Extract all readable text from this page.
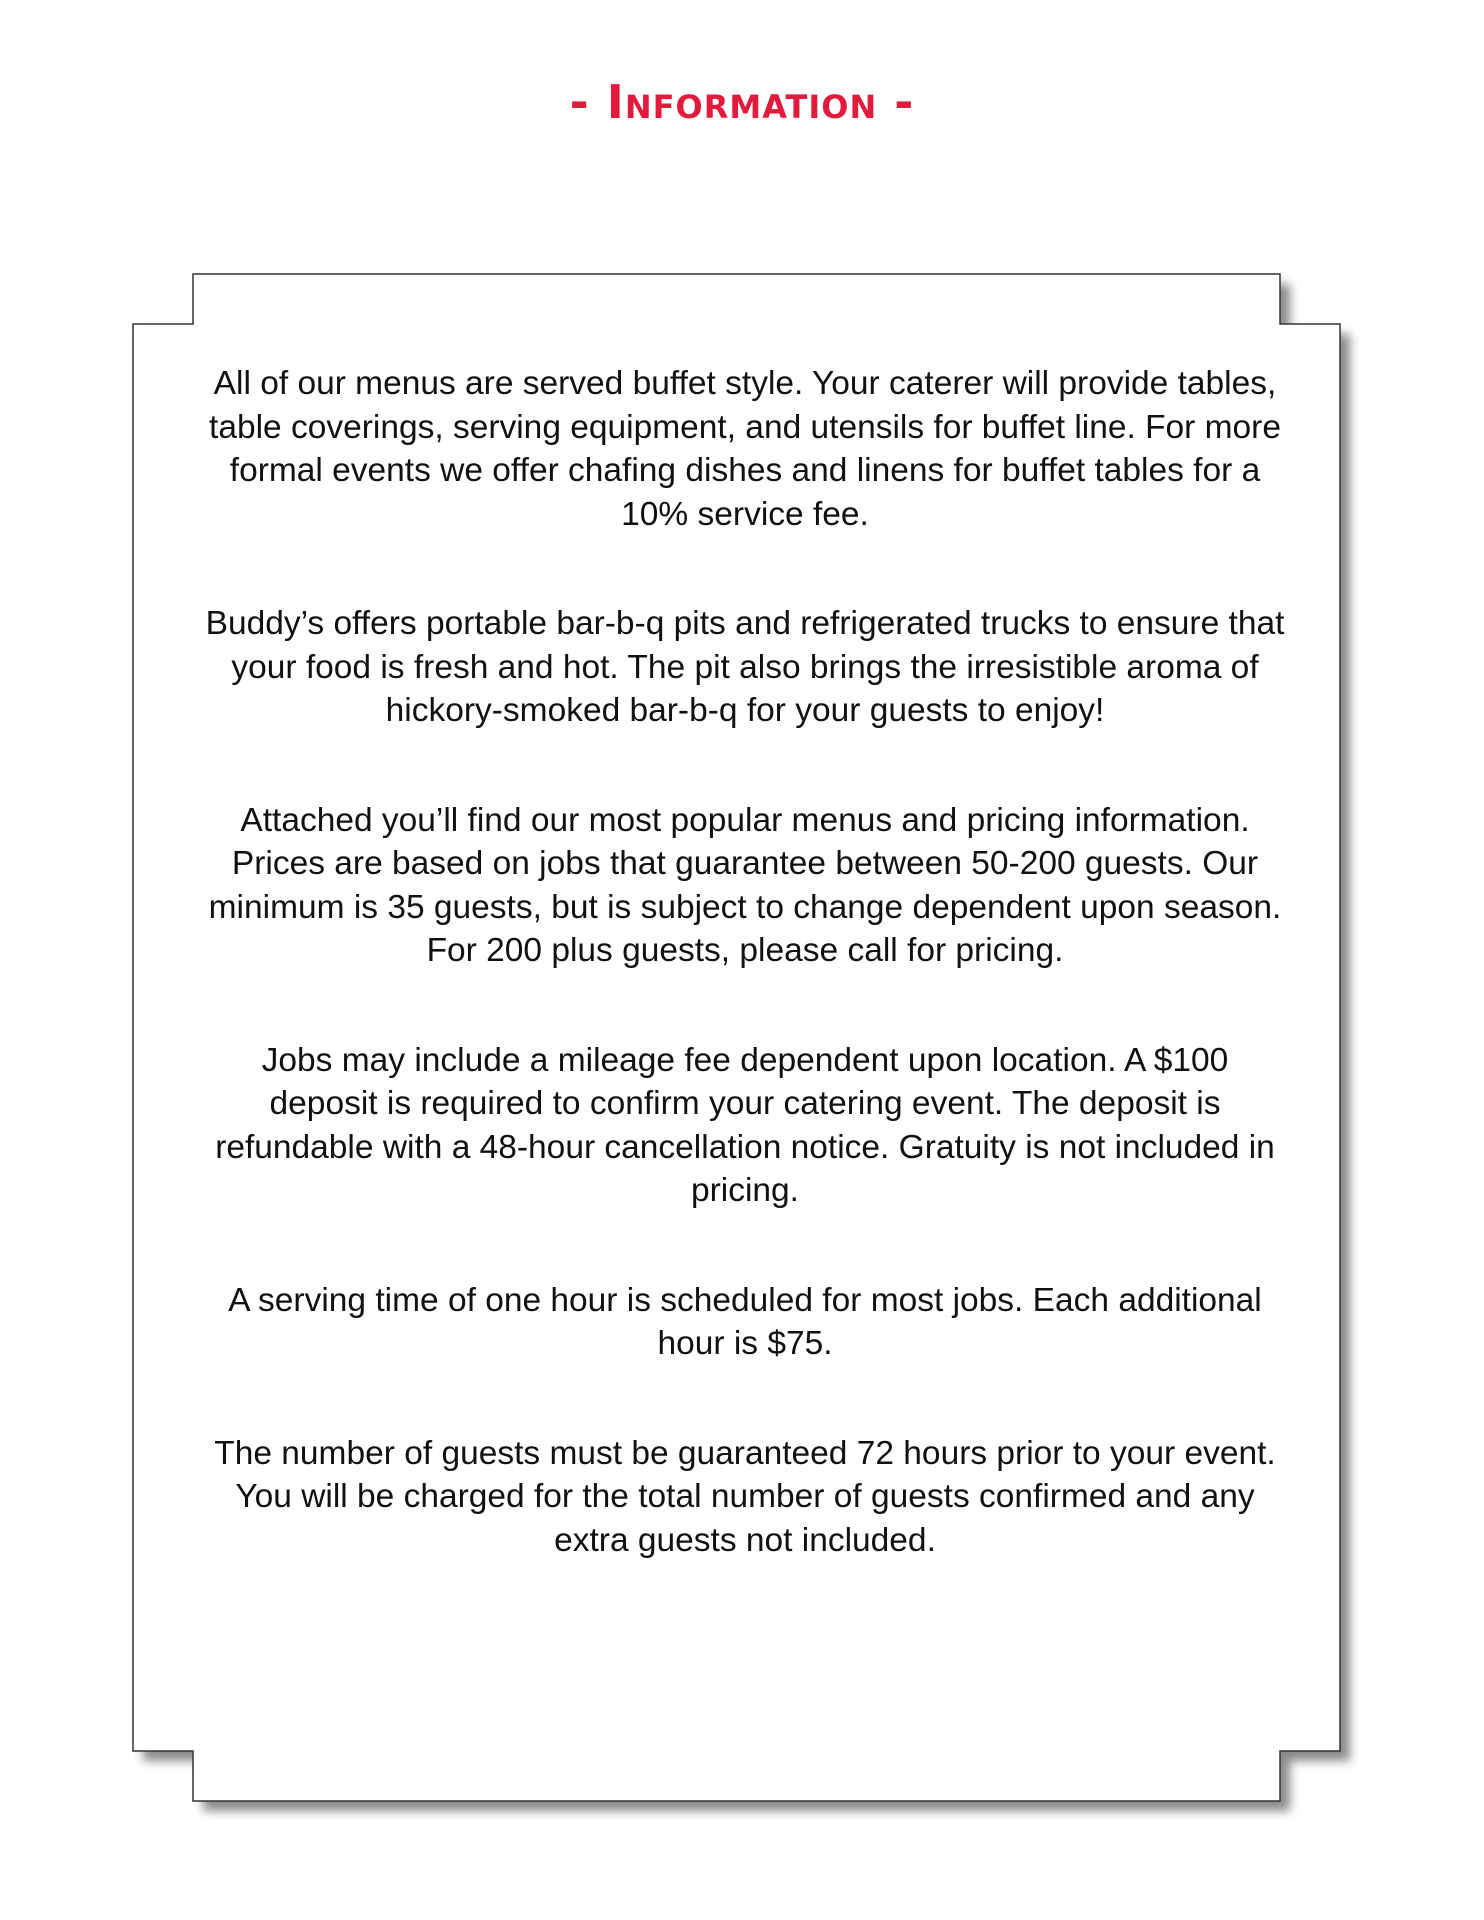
- Information -

All of our menus are served buffet style. Your caterer will provide tables, table coverings, serving equipment, and utensils for buffet line. For more formal events we offer chafing dishes and linens for buffet tables for a 10% service fee.

Buddy’s offers portable bar-b-q pits and refrigerated trucks to ensure that your food is fresh and hot. The pit also brings the irresistible aroma of hickory-smoked bar-b-q for your guests to enjoy!

Attached you’ll find our most popular menus and pricing information. Prices are based on jobs that guarantee between 50-200 guests. Our minimum is 35 guests, but is subject to change dependent upon season. For 200 plus guests, please call for pricing.

Jobs may include a mileage fee dependent upon location. A $100 deposit is required to confirm your catering event. The deposit is refundable with a 48-hour cancellation notice. Gratuity is not included in pricing.

A serving time of one hour is scheduled for most jobs. Each additional hour is $75.

The number of guests must be guaranteed 72 hours prior to your event. You will be charged for the total number of guests confirmed and any extra guests not included.
